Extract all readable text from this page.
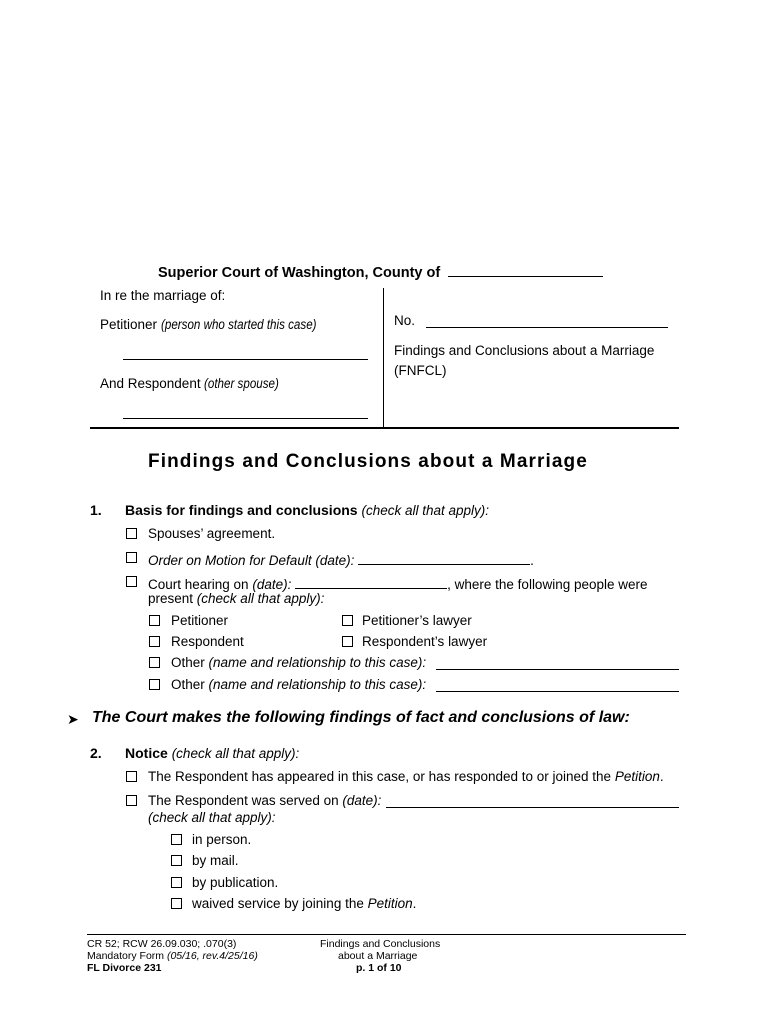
Superior Court of Washington, County of
In re the marriage of:
Petitioner (person who started this case)
And Respondent (other spouse)
No.
Findings and Conclusions about a Marriage
(FNFCL)
Findings and Conclusions about a Marriage
1. Basis for findings and conclusions (check all that apply):
Spouses’ agreement.
Order on Motion for Default (date):	.
Court hearing on (date):	, where the following people were
present (check all that apply):
Petitioner	Petitioner’s lawyer
Respondent	Respondent’s lawyer
Other (name and relationship to this case):
Other (name and relationship to this case):
➤ The Court makes the following findings of fact and conclusions of law:
2. Notice (check all that apply):
The Respondent has appeared in this case, or has responded to or joined the Petition.
The Respondent was served on (date):
(check all that apply):
in person.
by mail.
by publication.
waived service by joining the Petition.
CR 52; RCW 26.09.030; .070(3)
Mandatory Form (05/16, rev.4/25/16)
FL Divorce 231
Findings and Conclusions
about a Marriage
p. 1 of 10
